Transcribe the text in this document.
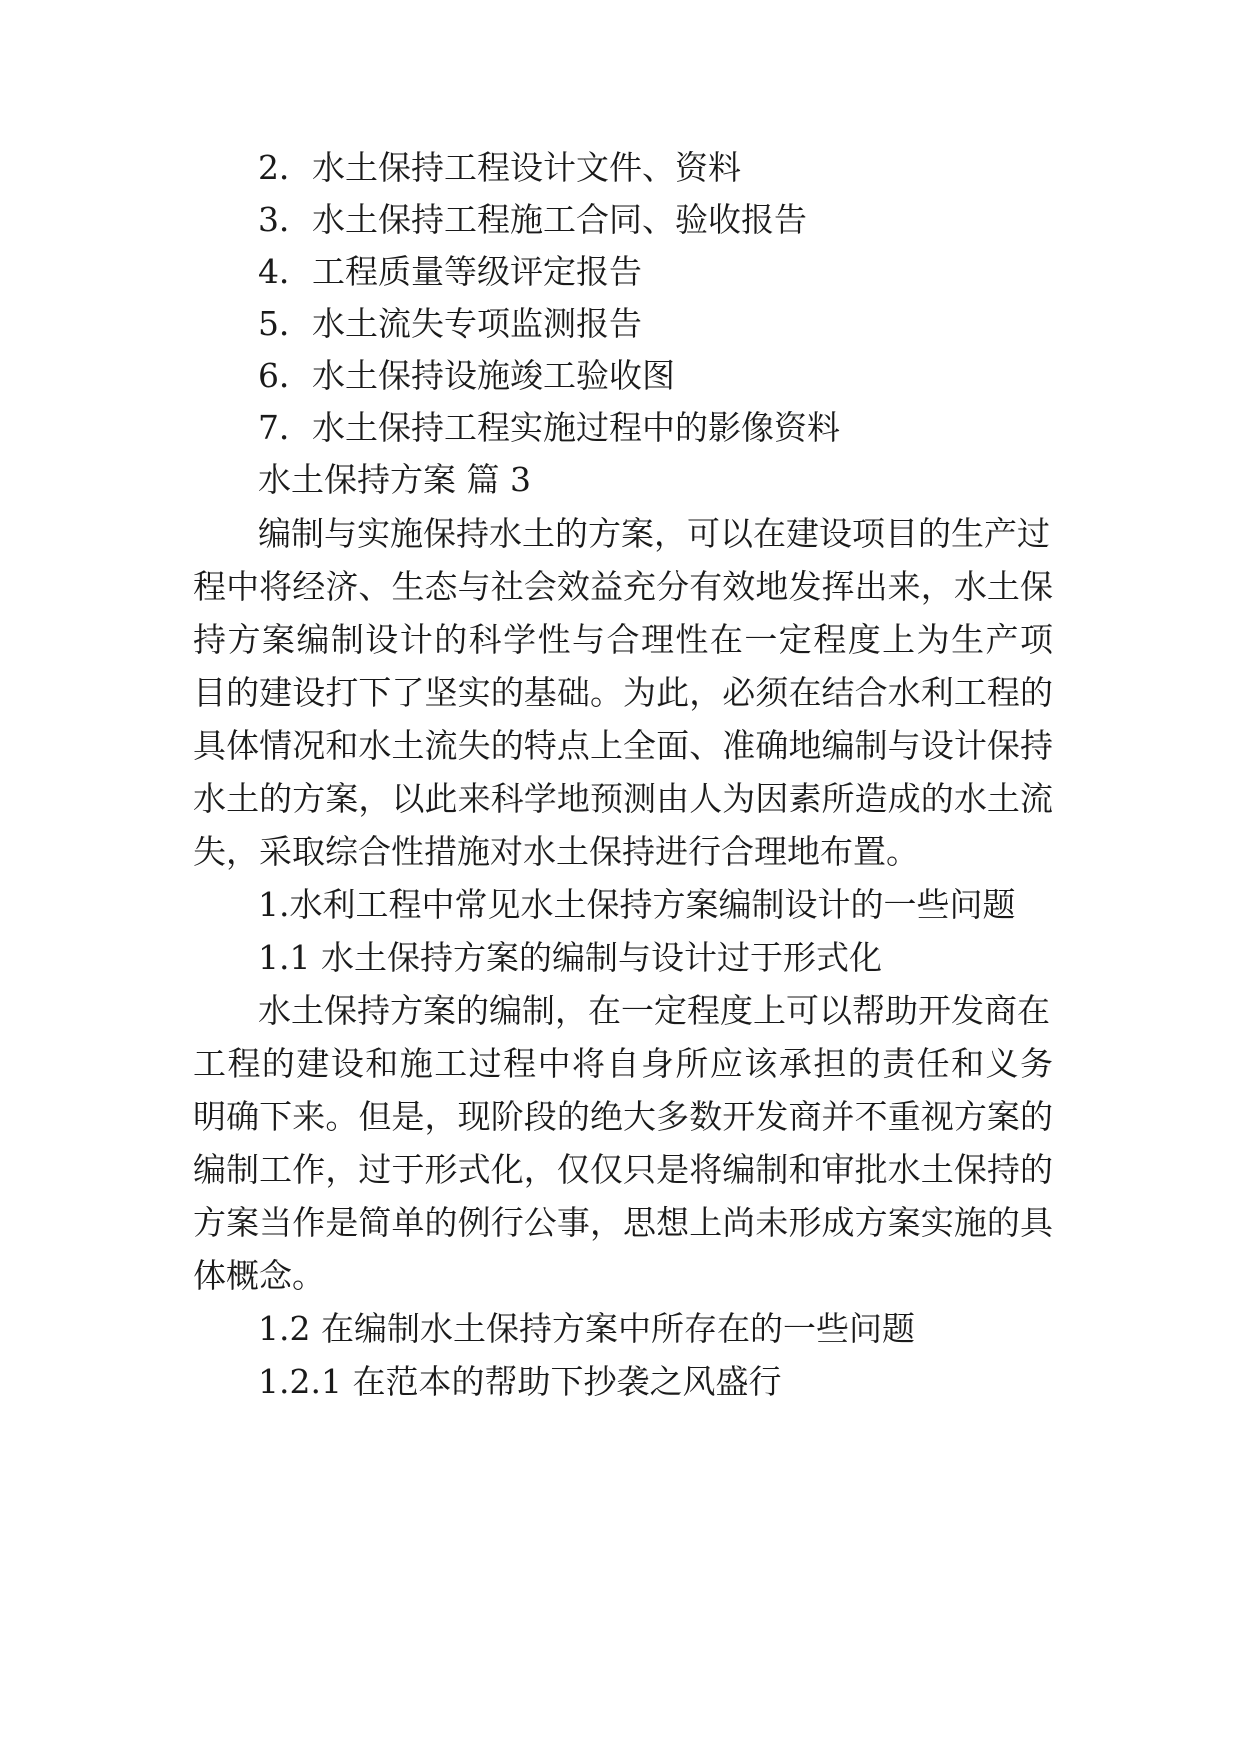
2．水土保持工程设计文件、资料
3．水土保持工程施工合同、验收报告
4．工程质量等级评定报告
5．水土流失专项监测报告
6．水土保持设施竣工验收图
7．水土保持工程实施过程中的影像资料
水土保持方案 篇 3
编制与实施保持水土的方案，可以在建设项目的生产过
程中将经济、生态与社会效益充分有效地发挥出来，水土保
持方案编制设计的科学性与合理性在一定程度上为生产项
目的建设打下了坚实的基础。为此，必须在结合水利工程的
具体情况和水土流失的特点上全面、准确地编制与设计保持
水土的方案，以此来科学地预测由人为因素所造成的水土流
失，采取综合性措施对水土保持进行合理地布置。
1.水利工程中常见水土保持方案编制设计的一些问题
1.1 水土保持方案的编制与设计过于形式化
水土保持方案的编制，在一定程度上可以帮助开发商在
工程的建设和施工过程中将自身所应该承担的责任和义务
明确下来。但是，现阶段的绝大多数开发商并不重视方案的
编制工作，过于形式化，仅仅只是将编制和审批水土保持的
方案当作是简单的例行公事，思想上尚未形成方案实施的具
体概念。
1.2 在编制水土保持方案中所存在的一些问题
1.2.1 在范本的帮助下抄袭之风盛行
